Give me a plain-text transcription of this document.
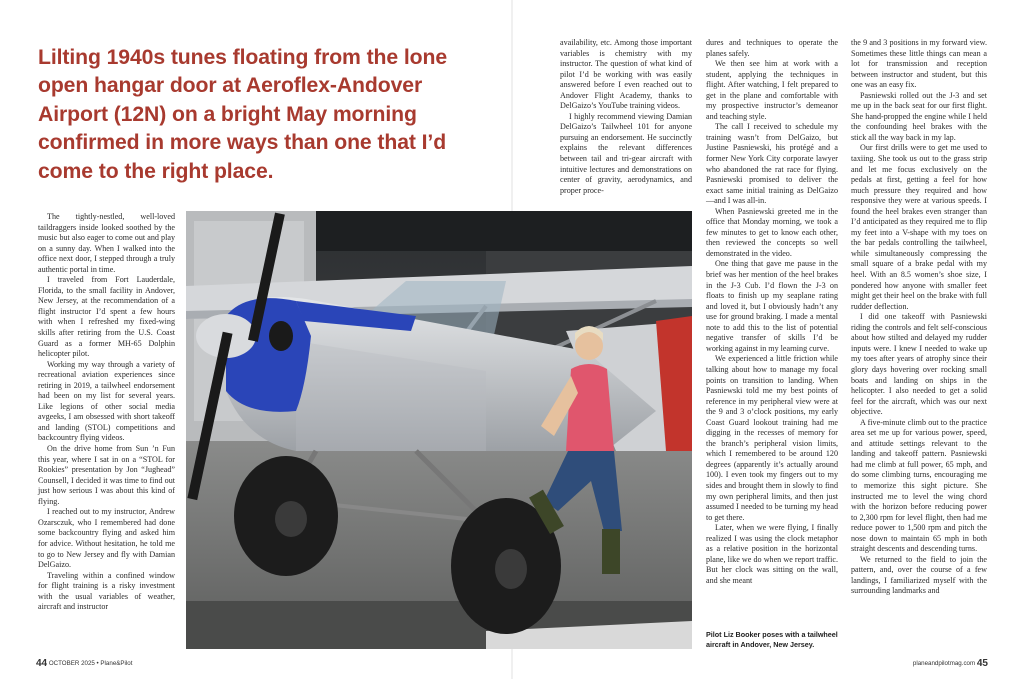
Lilting 1940s tunes floating from the lone open hangar door at Aeroflex-Andover Airport (12N) on a bright May morning confirmed in more ways than one that I’d come to the right place.

The tightly-nestled, well-loved taildraggers inside looked soothed by the music but also eager to come out and play on a sunny day. When I walked into the office next door, I stepped through a truly authentic portal in time.

I traveled from Fort Lauderdale, Florida, to the small facility in Andover, New Jersey, at the recommendation of a flight instructor I’d spent a few hours with when I refreshed my fixed-wing skills after retiring from the U.S. Coast Guard as a former MH-65 Dolphin helicopter pilot.

Working my way through a variety of recreational aviation experiences since retiring in 2019, a tailwheel endorsement had been on my list for several years. Like legions of other social media avgeeks, I am obsessed with short takeoff and landing (STOL) competitions and backcountry flying videos.

On the drive home from Sun ’n Fun this year, where I sat in on a “STOL for Rookies” presentation by Jon “Jughead” Counsell, I decided it was time to find out just how serious I was about this kind of flying.

I reached out to my instructor, Andrew Ozarsczuk, who I remembered had done some backcountry flying and asked him for advice. Without hesitation, he told me to go to New Jersey and fly with Damian DelGaizo.

Traveling within a confined window for flight training is a risky investment with the usual variables of weather, aircraft and instructor

availability, etc. Among those important variables is chemistry with my instructor. The question of what kind of pilot I’d be working with was easily answered before I even reached out to Andover Flight Academy, thanks to DelGaizo’s YouTube training videos.

I highly recommend viewing Damian DelGaizo’s Tailwheel 101 for anyone pursuing an endorsement. He succinctly explains the relevant differences between tail and tri-gear aircraft with intuitive lectures and demonstrations on center of gravity, aerodynamics, and proper proce-

dures and techniques to operate the planes safely.

We then see him at work with a student, applying the techniques in flight. After watching, I felt prepared to get in the plane and comfortable with my prospective instructor’s demeanor and teaching style.

The call I received to schedule my training wasn’t from DelGaizo, but Justine Pasniewski, his protégé and a former New York City corporate lawyer who abandoned the rat race for flying. Pasniewski promised to deliver the exact same initial training as DelGaizo—and I was all-in.

When Pasniewski greeted me in the office that Monday morning, we took a few minutes to get to know each other, then reviewed the concepts so well demonstrated in the video.

One thing that gave me pause in the brief was her mention of the heel brakes in the J-3 Cub. I’d flown the J-3 on floats to finish up my seaplane rating and loved it, but I obviously hadn’t any use for ground braking. I made a mental note to add this to the list of potential negative transfer of skills I’d be working against in my learning curve.

We experienced a little friction while talking about how to manage my focal points on transition to landing. When Pasniewski told me my best points of reference in my peripheral view were at the 9 and 3 o’clock positions, my early Coast Guard lookout training had me digging in the recesses of memory for the branch’s peripheral vision limits, which I remembered to be around 120 degrees (apparently it’s actually around 100). I even took my fingers out to my sides and brought them in slowly to find my own peripheral limits, and then just assumed I needed to be turning my head to get there.

Later, when we were flying, I finally realized I was using the clock metaphor as a relative position in the horizontal plane, like we do when we report traffic. But her clock was sitting on the wall, and she meant

Pilot Liz Booker poses with a tailwheel aircraft in Andover, New Jersey.

the 9 and 3 positions in my forward view. Sometimes these little things can mean a lot for transmission and reception between instructor and student, but this one was an easy fix.

Pasniewski rolled out the J-3 and set me up in the back seat for our first flight. She hand-propped the engine while I held the confounding heel brakes with the stick all the way back in my lap.

Our first drills were to get me used to taxiing. She took us out to the grass strip and let me focus exclusively on the pedals at first, getting a feel for how much pressure they required and how responsive they were at various speeds. I found the heel brakes even stranger than I’d anticipated as they required me to flip my feet into a V-shape with my toes on the bar pedals controlling the tailwheel, while simultaneously compressing the small square of a brake pedal with my heel. With an 8.5 women’s shoe size, I pondered how anyone with smaller feet might get their heel on the brake with full rudder deflection.

I did one takeoff with Pasniewski riding the controls and felt self-conscious about how stilted and delayed my rudder inputs were. I knew I needed to wake up my toes after years of atrophy since their glory days hovering over rocking small boats and landing on ships in the helicopter. I also needed to get a solid feel for the aircraft, which was our next objective.

A five-minute climb out to the practice area set me up for various power, speed, and attitude settings relevant to the landing and takeoff pattern. Pasniewski had me climb at full power, 65 mph, and do some climbing turns, encouraging me to memorize this sight picture. She instructed me to level the wing chord with the horizon before reducing power to 2,300 rpm for level flight, then had me reduce power to 1,500 rpm and pitch the nose down to maintain 65 mph in both straight descents and descending turns.

We returned to the field to join the pattern, and, over the course of a few landings, I familiarized myself with the surrounding landmarks and

44 OCTOBER 2025 • Plane&Pilot	planeandpilotmag.com 45
